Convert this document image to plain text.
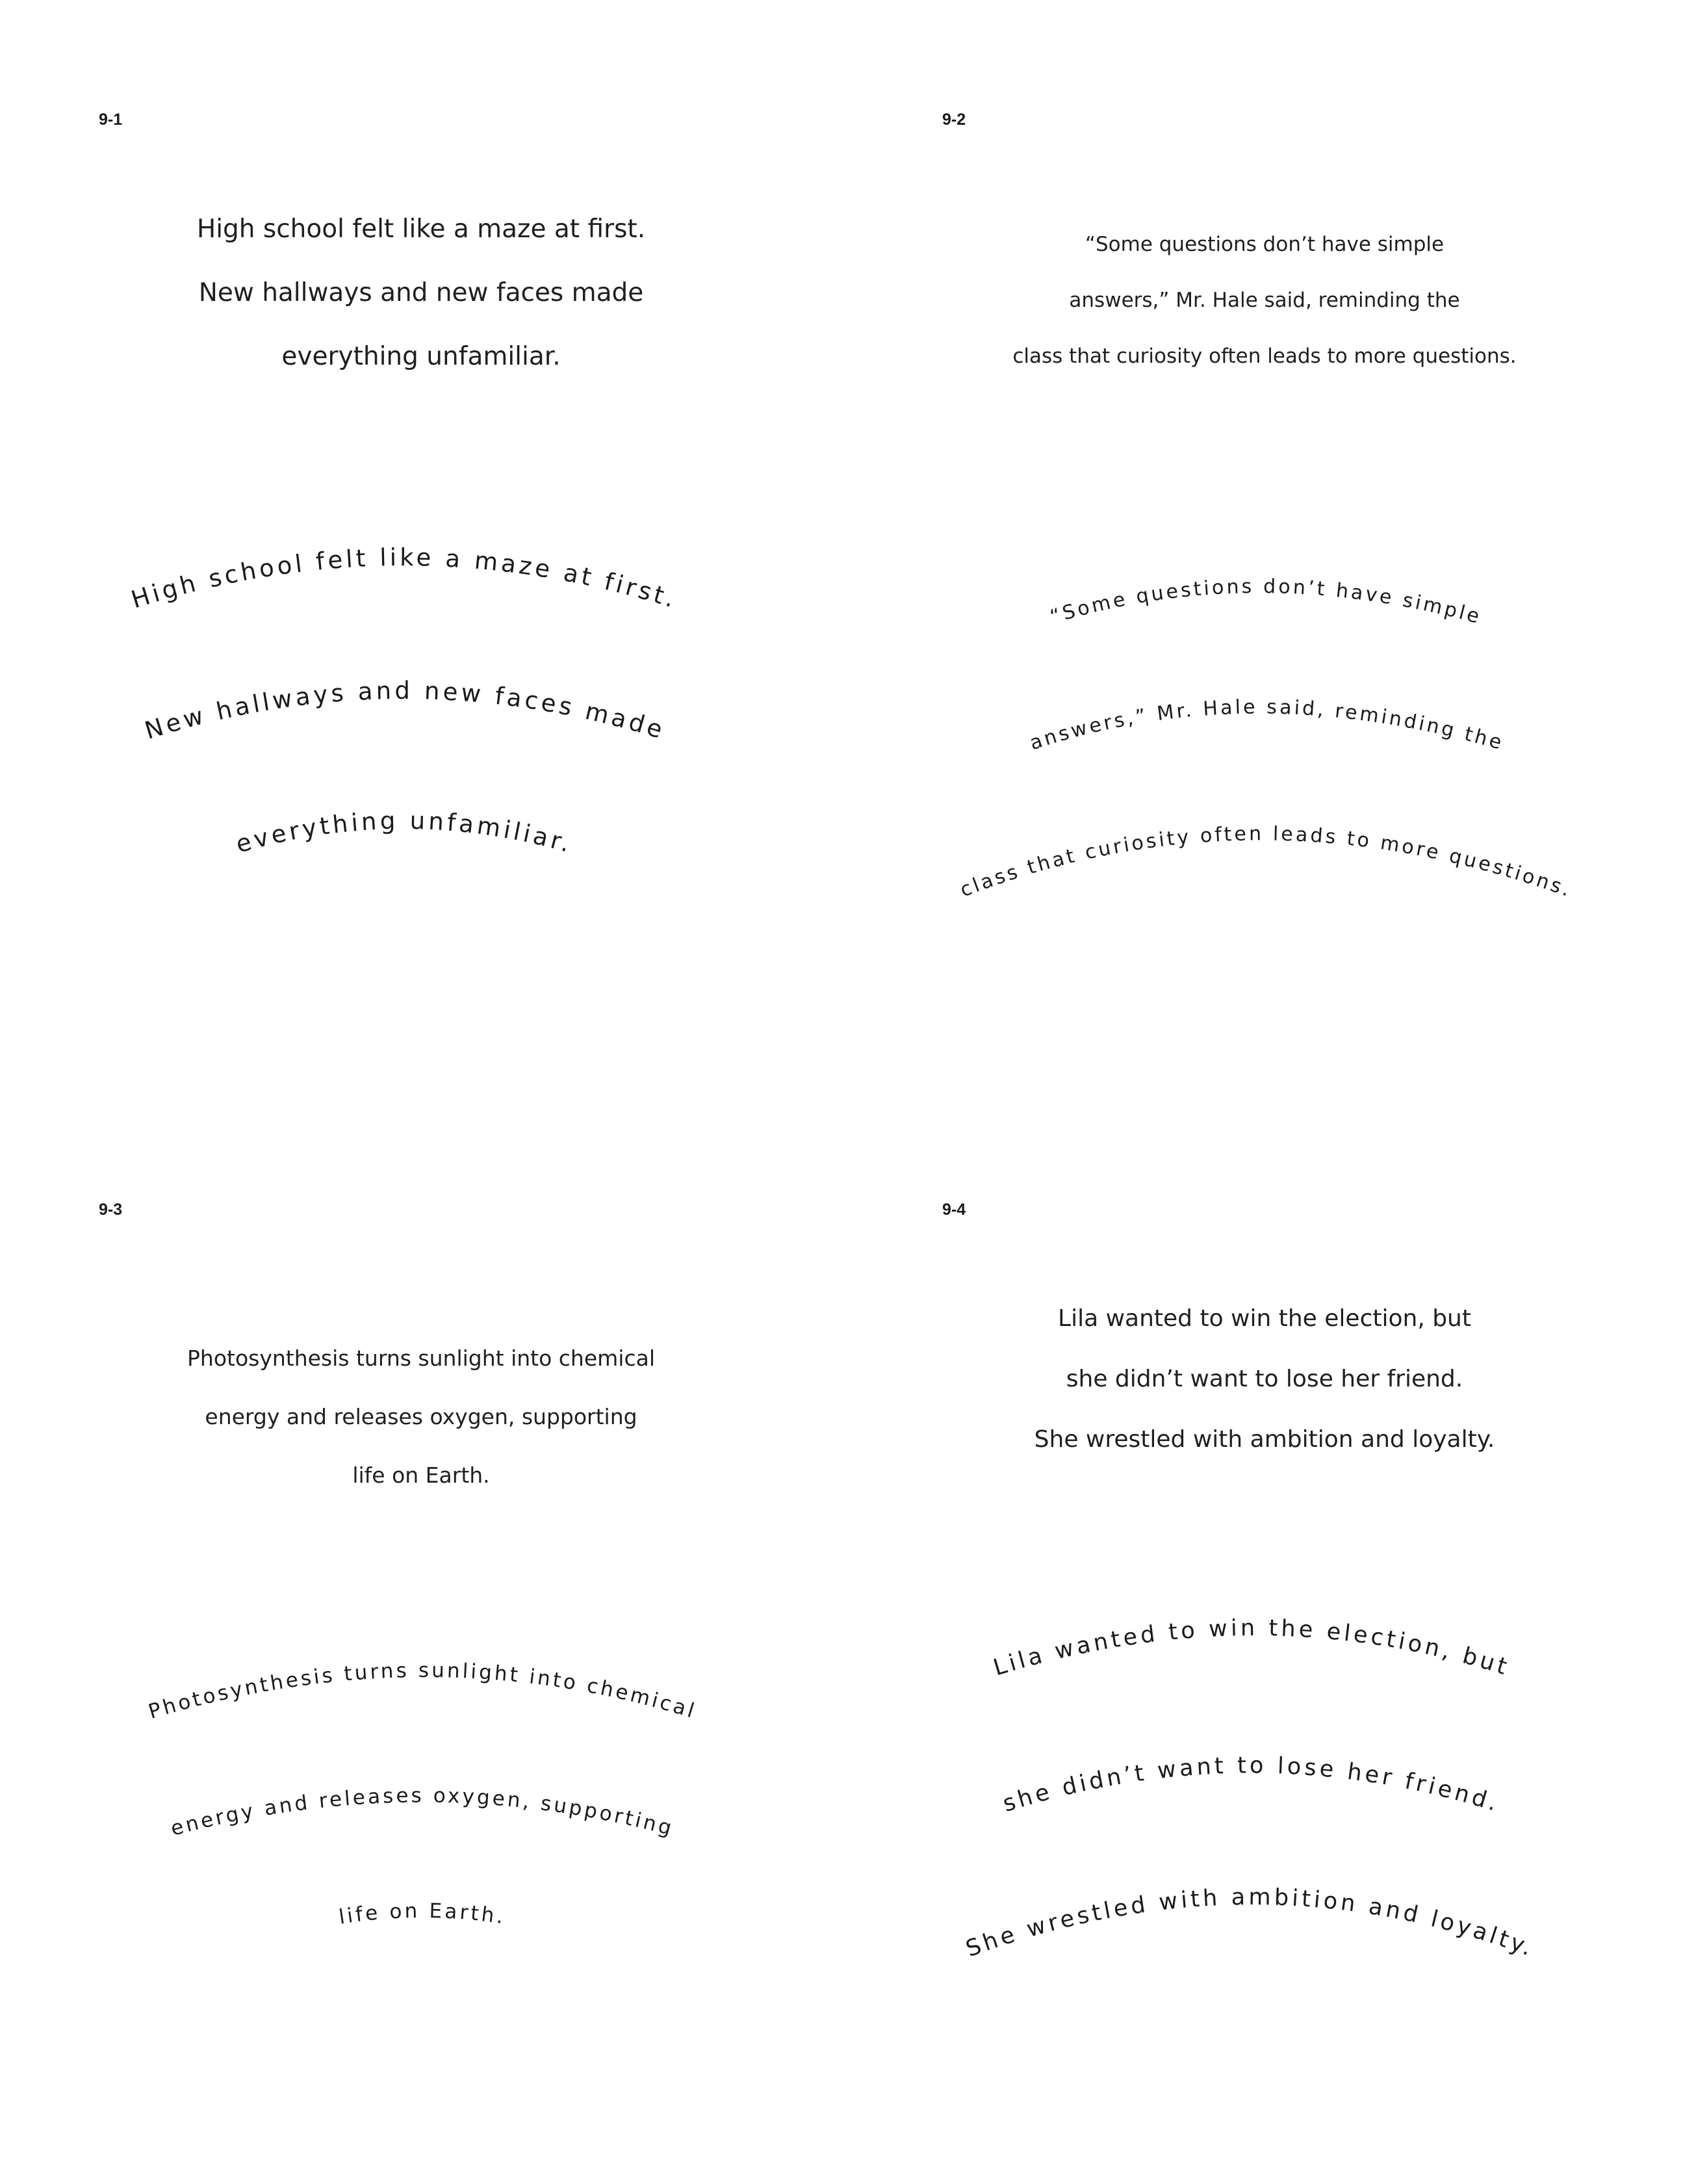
9-1
High school felt like a maze at first.
New hallways and new faces made
everything unfamiliar.
9-2
“Some questions don’t have simple
answers,” Mr. Hale said, reminding the
class that curiosity often leads to more questions.
9-3
Photosynthesis turns sunlight into chemical
energy and releases oxygen, supporting
life on Earth.
9-4
Lila wanted to win the election, but
she didn’t want to lose her friend.
She wrestled with ambition and loyalty.
High school felt like a maze at first.
New hallways and new faces made
everything unfamiliar.
“Some questions don’t have simple
answers,” Mr. Hale said, reminding the
class that curiosity often leads to more questions.
Photosynthesis turns sunlight into chemical
energy and releases oxygen, supporting
life on Earth.
Lila wanted to win the election, but
she didn’t want to lose her friend.
She wrestled with ambition and loyalty.
